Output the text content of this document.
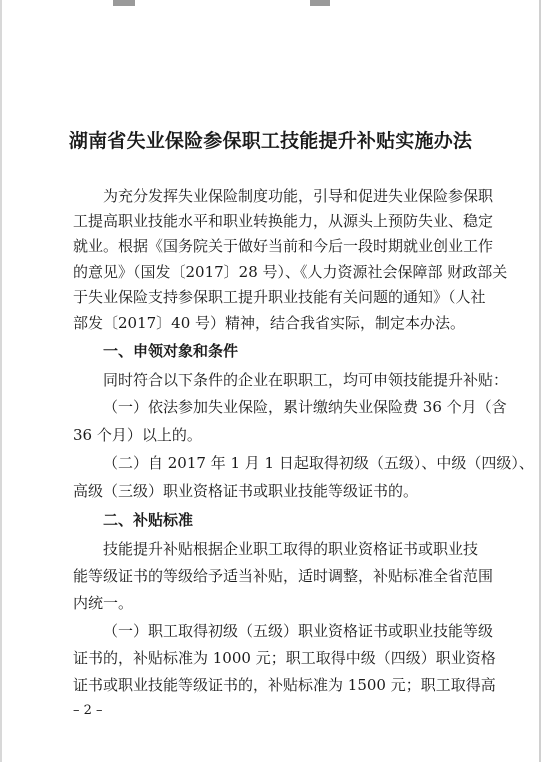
湖南省失业保险参保职工技能提升补贴实施办法
为充分发挥失业保险制度功能，引导和促进失业保险参保职
工提高职业技能水平和职业转换能力，从源头上预防失业、稳定
就业。根据《国务院关于做好当前和今后一段时期就业创业工作
的意见》（国发〔2017〕28 号）、《人力资源社会保障部 财政部关
于失业保险支持参保职工提升职业技能有关问题的通知》（人社
部发〔2017〕40 号）精神，结合我省实际，制定本办法。
一、申领对象和条件
同时符合以下条件的企业在职职工，均可申领技能提升补贴：
（一）依法参加失业保险，累计缴纳失业保险费 36 个月（含
36 个月）以上的。
（二）自 2017 年 1 月 1 日起取得初级（五级）、中级（四级）、
高级（三级）职业资格证书或职业技能等级证书的。
二、补贴标准
技能提升补贴根据企业职工取得的职业资格证书或职业技
能等级证书的等级给予适当补贴，适时调整，补贴标准全省范围
内统一。
（一）职工取得初级（五级）职业资格证书或职业技能等级
证书的，补贴标准为 1000 元；职工取得中级（四级）职业资格
证书或职业技能等级证书的，补贴标准为 1500 元；职工取得高
– 2 –
